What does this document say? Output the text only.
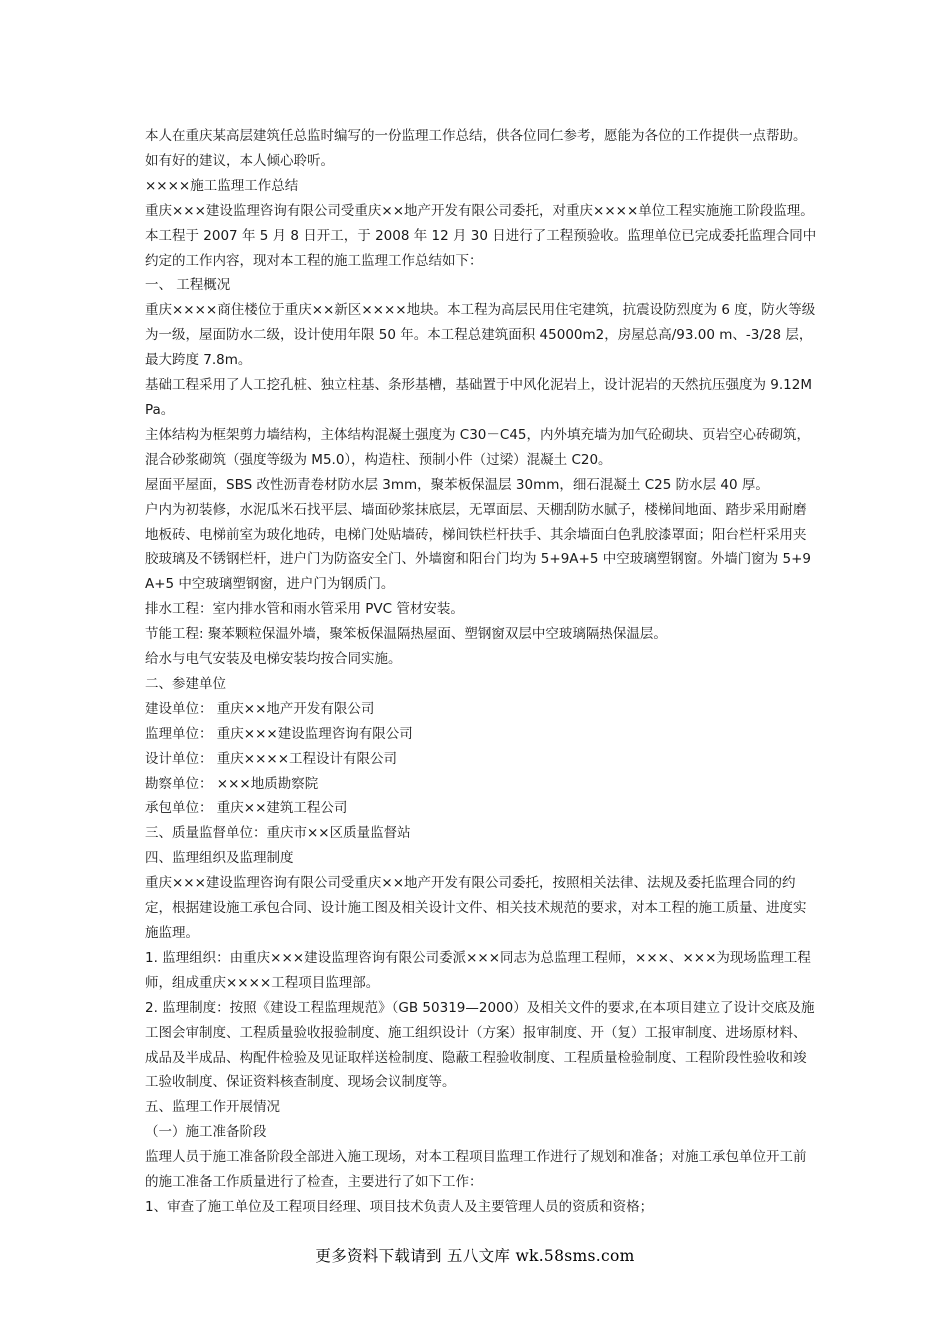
本人在重庆某高层建筑任总监时编写的一份监理工作总结，供各位同仁参考，愿能为各位的工作提供一点帮助。如有好的建议，本人倾心聆听。

××××施工监理工作总结

重庆×××建设监理咨询有限公司受重庆××地产开发有限公司委托，对重庆××××单位工程实施施工阶段监理。本工程于 2007 年 5 月 8 日开工，于 2008 年 12 月 30 日进行了工程预验收。监理单位已完成委托监理合同中约定的工作内容，现对本工程的施工监理工作总结如下：

一、 工程概况

重庆××××商住楼位于重庆××新区××××地块。本工程为高层民用住宅建筑，抗震设防烈度为 6 度，防火等级为一级，屋面防水二级，设计使用年限 50 年。本工程总建筑面积 45000m2，房屋总高/93.00 m、-3/28 层，最大跨度 7.8m。

基础工程采用了人工挖孔桩、独立柱基、条形基槽，基础置于中风化泥岩上，设计泥岩的天然抗压强度为 9.12MPa。

主体结构为框架剪力墙结构，主体结构混凝土强度为 C30－C45，内外填充墙为加气砼砌块、页岩空心砖砌筑，混合砂浆砌筑（强度等级为 M5.0），构造柱、预制小件（过梁）混凝土 C20。

屋面平屋面，SBS 改性沥青卷材防水层 3mm，聚苯板保温层 30mm，细石混凝土 C25 防水层 40 厚。

户内为初装修，水泥瓜米石找平层、墙面砂浆抹底层，无罩面层、天棚刮防水腻子，楼梯间地面、踏步采用耐磨地板砖、电梯前室为玻化地砖，电梯门处贴墙砖，梯间铁栏杆扶手、其余墙面白色乳胶漆罩面；阳台栏杆采用夹胶玻璃及不锈钢栏杆，进户门为防盗安全门、外墙窗和阳台门均为 5+9A+5 中空玻璃塑钢窗。外墙门窗为 5+9A+5 中空玻璃塑钢窗，进户门为钢质门。

排水工程：室内排水管和雨水管采用 PVC 管材安装。

节能工程: 聚苯颗粒保温外墙，聚笨板保温隔热屋面、塑钢窗双层中空玻璃隔热保温层。

给水与电气安装及电梯安装均按合同实施。

二、参建单位

建设单位： 重庆××地产开发有限公司

监理单位： 重庆×××建设监理咨询有限公司

设计单位： 重庆××××工程设计有限公司

勘察单位： ×××地质勘察院

承包单位： 重庆××建筑工程公司

三、质量监督单位：重庆市××区质量监督站

四、监理组织及监理制度

重庆×××建设监理咨询有限公司受重庆××地产开发有限公司委托，按照相关法律、法规及委托监理合同的约定，根据建设施工承包合同、设计施工图及相关设计文件、相关技术规范的要求，对本工程的施工质量、进度实施监理。

1. 监理组织：由重庆×××建设监理咨询有限公司委派×××同志为总监理工程师，×××、×××为现场监理工程师，组成重庆××××工程项目监理部。

2. 监理制度：按照《建设工程监理规范》（GB 50319—2000）及相关文件的要求,在本项目建立了设计交底及施工图会审制度、工程质量验收报验制度、施工组织设计（方案）报审制度、开（复）工报审制度、进场原材料、成品及半成品、构配件检验及见证取样送检制度、隐蔽工程验收制度、工程质量检验制度、工程阶段性验收和竣工验收制度、保证资料核查制度、现场会议制度等。

五、监理工作开展情况

（一）施工准备阶段

监理人员于施工准备阶段全部进入施工现场，对本工程项目监理工作进行了规划和准备；对施工承包单位开工前的施工准备工作质量进行了检查，主要进行了如下工作：

1、审查了施工单位及工程项目经理、项目技术负责人及主要管理人员的资质和资格；

更多资料下载请到 五八文库 wk.58sms.com
